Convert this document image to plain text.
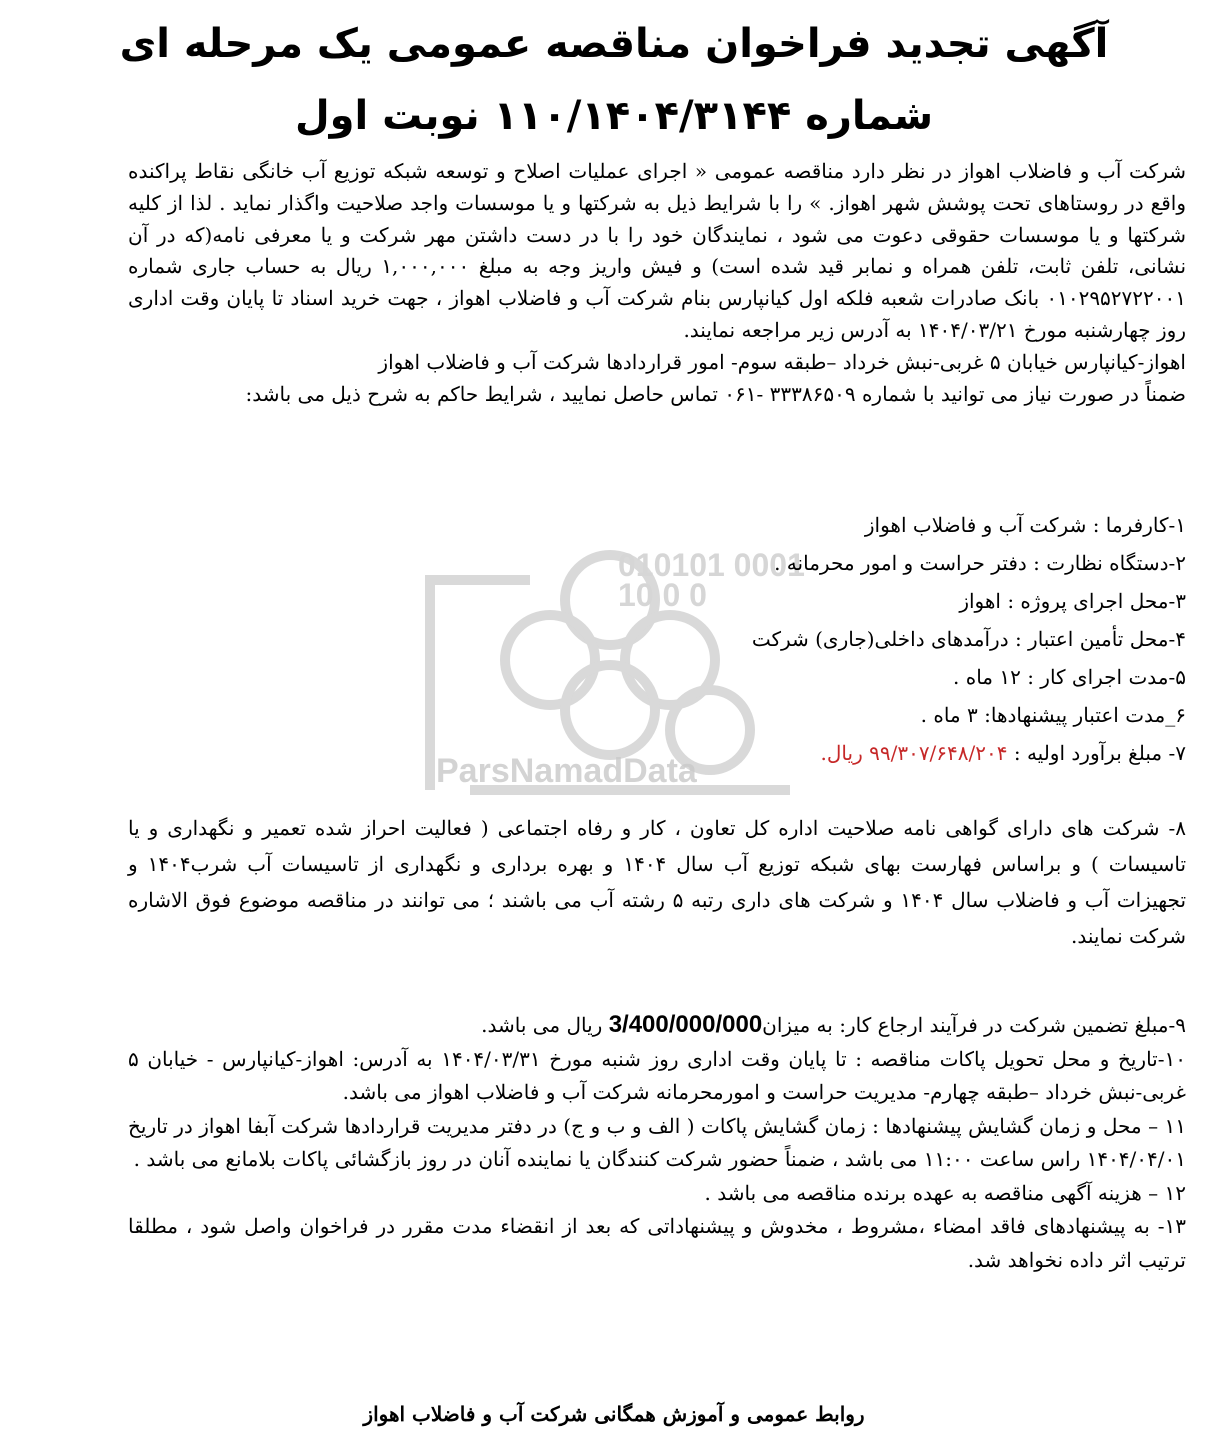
010101 0001 10 0 0
ParsNamadData
آگهی تجدید فراخوان مناقصه عمومی یک مرحله ای
شماره ۱۱۰/۱۴۰۴/۳۱۴۴ نوبت اول

شرکت آب و فاضلاب اهواز در نظر دارد مناقصه عمومی « اجرای عملیات اصلاح و توسعه شبکه توزیع آب خانگی نقاط پراکنده واقع در روستاهای تحت پوشش شهر اهواز. » را با شرایط ذیل به شرکتها و یا موسسات واجد صلاحیت واگذار نماید . لذا از کلیه شرکتها و یا موسسات حقوقی دعوت می شود ، نمایندگان خود را با در دست داشتن مهر شرکت و یا معرفی نامه(که در آن نشانی، تلفن ثابت، تلفن همراه و نمابر قید شده است) و فیش واریز وجه به مبلغ ۱,۰۰۰,۰۰۰ ریال به حساب جاری شماره ۰۱۰۲۹۵۲۷۲۲۰۰۱ بانک صادرات شعبه فلکه اول کیانپارس بنام شرکت آب و فاضلاب اهواز ، جهت خرید اسناد تا پایان وقت اداری روز چهارشنبه مورخ ۱۴۰۴/۰۳/۲۱ به آدرس زیر مراجعه نمایند.

اهواز-کیانپارس خیابان ۵ غربی-نبش خرداد –طبقه سوم- امور قراردادها شرکت آب و فاضلاب اهواز

ضمناً در صورت نیاز می توانید با شماره ۳۳۳۸۶۵۰۹ -۰۶۱ تماس حاصل نمایید ، شرایط حاکم به شرح ذیل می باشد:

۱-کارفرما : شرکت آب و فاضلاب اهواز

۲-دستگاه نظارت : دفتر حراست و امور محرمانه .

۳-محل اجرای پروژه : اهواز

۴-محل تأمین اعتبار : درآمدهای داخلی(جاری) شرکت

۵-مدت اجرای کار : ۱۲ ماه .

۶_مدت اعتبار پیشنهادها: ۳ ماه .

۷- مبلغ برآورد اولیه : ۹۹/۳۰۷/۶۴۸/۲۰۴ ریال.

۸- شرکت های دارای گواهی نامه صلاحیت اداره کل تعاون ، کار و رفاه اجتماعی ( فعالیت احراز شده تعمیر و نگهداری و یا تاسیسات ) و براساس فهارست بهای شبکه توزیع آب سال ۱۴۰۴ و بهره برداری و نگهداری از تاسیسات آب شرب۱۴۰۴ و تجهیزات آب و فاضلاب سال ۱۴۰۴ و شرکت های داری رتبه ۵ رشته آب می باشند ؛ می توانند در مناقصه موضوع فوق الاشاره شرکت نمایند.

۹-مبلغ تضمین شرکت در فرآیند ارجاع کار: به میزان3/400/000/000 ریال می باشد.

۱۰-تاریخ و محل تحویل پاکات مناقصه : تا پایان وقت اداری روز شنبه مورخ ۱۴۰۴/۰۳/۳۱ به آدرس: اهواز-کیانپارس - خیابان ۵ غربی-نبش خرداد –طبقه چهارم- مدیریت حراست و امورمحرمانه شرکت آب و فاضلاب اهواز می باشد.

۱۱ – محل و زمان گشایش پیشنهادها : زمان گشایش پاکات ( الف و ب و ج) در دفتر مدیریت قراردادها شرکت آبفا اهواز در تاریخ ۱۴۰۴/۰۴/۰۱ راس ساعت ۱۱:۰۰ می باشد ، ضمناً حضور شرکت کنندگان یا نماینده آنان در روز بازگشائی پاکات بلامانع می باشد .

۱۲ – هزینه آگهی مناقصه به عهده برنده مناقصه می باشد .

۱۳- به پیشنهادهای فاقد امضاء ،مشروط ، مخدوش و پیشنهاداتی که بعد از انقضاء مدت مقرر در فراخوان واصل شود ، مطلقا ترتیب اثر داده نخواهد شد.

روابط عمومی و آموزش همگانی شرکت آب و فاضلاب اهواز
